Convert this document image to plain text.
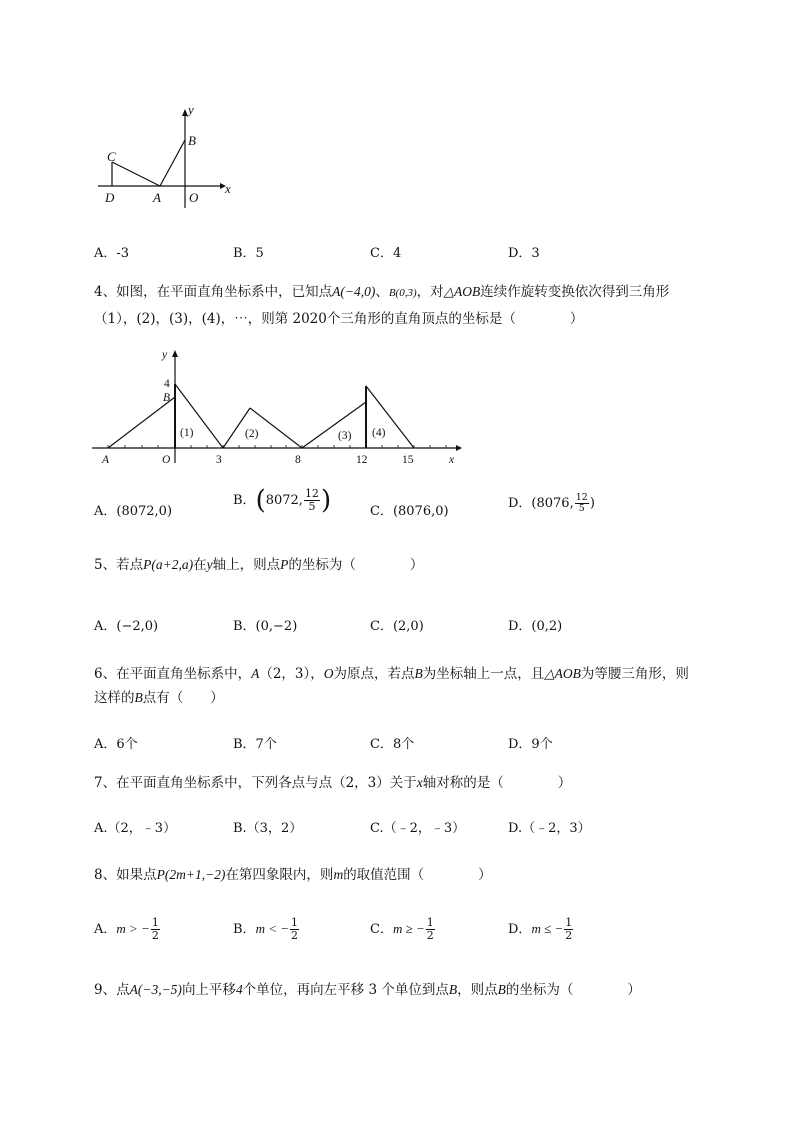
y
B
C
D	A O
x
A．-3	B．5	C．4	D．3
4、如图，在平面直角坐标系中，已知点A(−4,0)、B(0,3)，对△AOB连续作旋转变换依次得到三角形
（1），(2)，(3)，(4)，⋯，则第 2020个三角形的直角顶点的坐标是（　　　　）
y
x
4
B
A	O	3	8	12	15
(1)	(2)	(3) (4)
A．(8072,0)
B．(8072, $\frac{12}{5}$ )	C．(8076,0)
D．(8076, $\frac{12}{5}$ )
5、若点P(a+2,a)在y轴上，则点P的坐标为（　　　　）
A．(−2,0)	B．(0,−2)	C．(2,0)	D．(0,2)
6、在平面直角坐标系中，A（2，3），O为原点，若点B为坐标轴上一点，且△AOB为等腰三角形，则
这样的B点有（　　）
A．6个	B．7个	C．8个	D．9个
7、在平面直角坐标系中，下列各点与点（2，3）关于x轴对称的是（　　　　）
A.（2，﹣3）	B.（3，2）	C.（﹣2，﹣3）	D.（﹣2，3）
8、如果点P(2m+1,−2)在第四象限内，则m的取值范围（　　　　）
A．m > − $\frac{1}{2}$	B．m < − $\frac{1}{2}$	C．m ≥ − $\frac{1}{2}$	D．m ≤ − $\frac{1}{2}$
9、点A(−3,−5)向上平移4个单位，再向左平移 3 个单位到点B，则点B的坐标为（　　　　）
